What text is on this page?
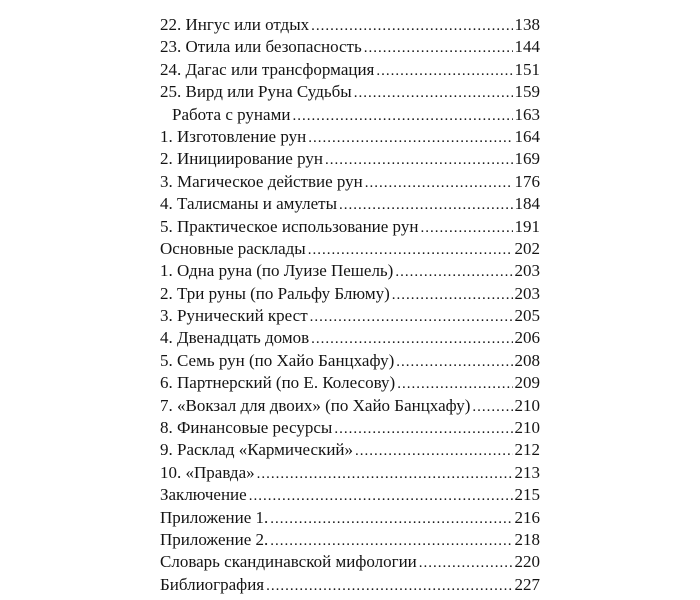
22. Ингус или отдых .....	138
23. Отила или безопасность .....	144
24. Дагас или трансформация .....	151
25. Вирд или Руна Судьбы .....	159
Работа с рунами .....	163
1. Изготовление рун .....	164
2. Инициирование рун .....	169
3. Магическое действие рун .....	176
4. Талисманы и амулеты .....	184
5. Практическое использование рун .....	191
Основные расклады .....	202
1. Одна руна (по Луизе Пешель) .....	203
2. Три руны (по Ральфу Блюму) .....	203
3. Рунический крест .....	205
4. Двенадцать домов .....	206
5. Семь рун (по Хайо Банцхафу) .....	208
6. Партнерский (по Е. Колесову) .....	209
7. «Вокзал для двоих» (по Хайо Банцхафу) .....	210
8. Финансовые ресурсы .....	210
9. Расклад «Кармический» .....	212
10. «Правда» .....	213
Заключение .....	215
Приложение 1. .....	216
Приложение 2. .....	218
Словарь скандинавской мифологии .....	220
Библиография .....	227
